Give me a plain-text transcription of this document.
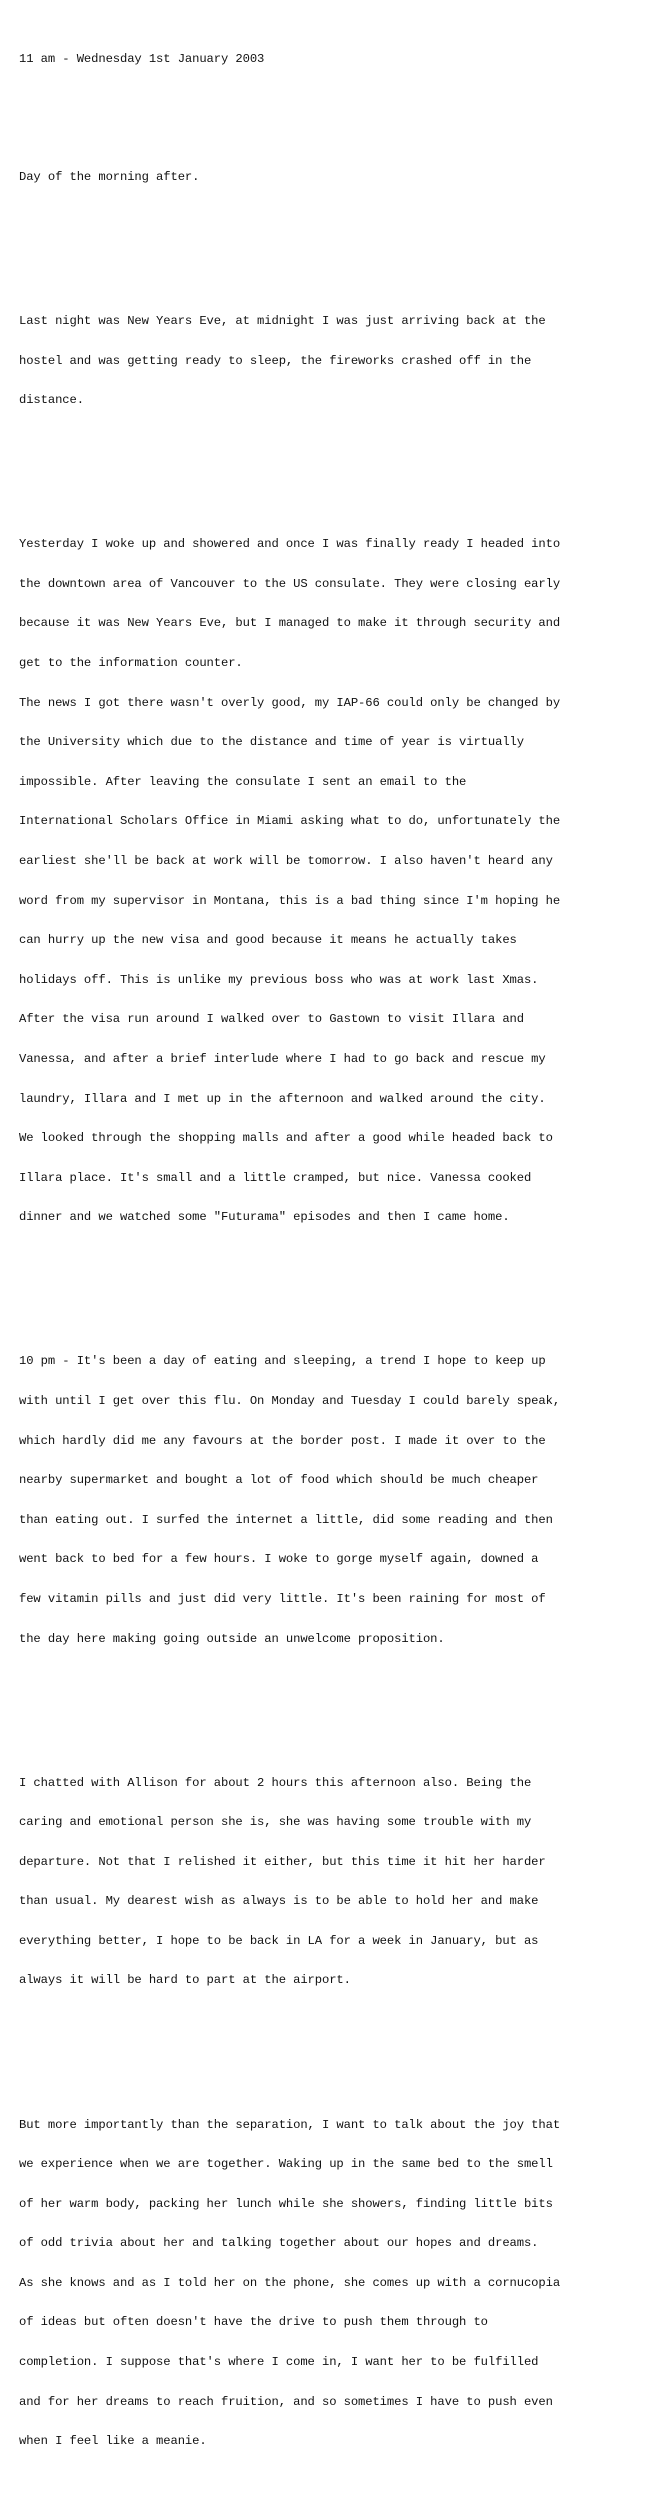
11 am - Wednesday 1st January 2003

Day of the morning after.

Last night was New Years Eve, at midnight I was just arriving back at the

hostel and was getting ready to sleep, the fireworks crashed off in the

distance.

Yesterday I woke up and showered and once I was finally ready I headed into

the downtown area of Vancouver to the US consulate. They were closing early

because it was New Years Eve, but I managed to make it through security and

get to the information counter.

The news I got there wasn't overly good, my IAP-66 could only be changed by

the University which due to the distance and time of year is virtually

impossible. After leaving the consulate I sent an email to the

International Scholars Office in Miami asking what to do, unfortunately the

earliest she'll be back at work will be tomorrow. I also haven't heard any

word from my supervisor in Montana, this is a bad thing since I'm hoping he

can hurry up the new visa and good because it means he actually takes

holidays off. This is unlike my previous boss who was at work last Xmas.

After the visa run around I walked over to Gastown to visit Illara and

Vanessa, and after a brief interlude where I had to go back and rescue my

laundry, Illara and I met up in the afternoon and walked around the city.

We looked through the shopping malls and after a good while headed back to

Illara place. It's small and a little cramped, but nice. Vanessa cooked

dinner and we watched some "Futurama" episodes and then I came home.

10 pm - It's been a day of eating and sleeping, a trend I hope to keep up

with until I get over this flu. On Monday and Tuesday I could barely speak,

which hardly did me any favours at the border post. I made it over to the

nearby supermarket and bought a lot of food which should be much cheaper

than eating out. I surfed the internet a little, did some reading and then

went back to bed for a few hours. I woke to gorge myself again, downed a

few vitamin pills and just did very little. It's been raining for most of

the day here making going outside an unwelcome proposition.

I chatted with Allison for about 2 hours this afternoon also. Being the

caring and emotional person she is, she was having some trouble with my

departure. Not that I relished it either, but this time it hit her harder

than usual. My dearest wish as always is to be able to hold her and make

everything better, I hope to be back in LA for a week in January, but as

always it will be hard to part at the airport.

But more importantly than the separation, I want to talk about the joy that

we experience when we are together. Waking up in the same bed to the smell

of her warm body, packing her lunch while she showers, finding little bits

of odd trivia about her and talking together about our hopes and dreams.

As she knows and as I told her on the phone, she comes up with a cornucopia

of ideas but often doesn't have the drive to push them through to

completion. I suppose that's where I come in, I want her to be fulfilled

and for her dreams to reach fruition, and so sometimes I have to push even

when I feel like a meanie.
